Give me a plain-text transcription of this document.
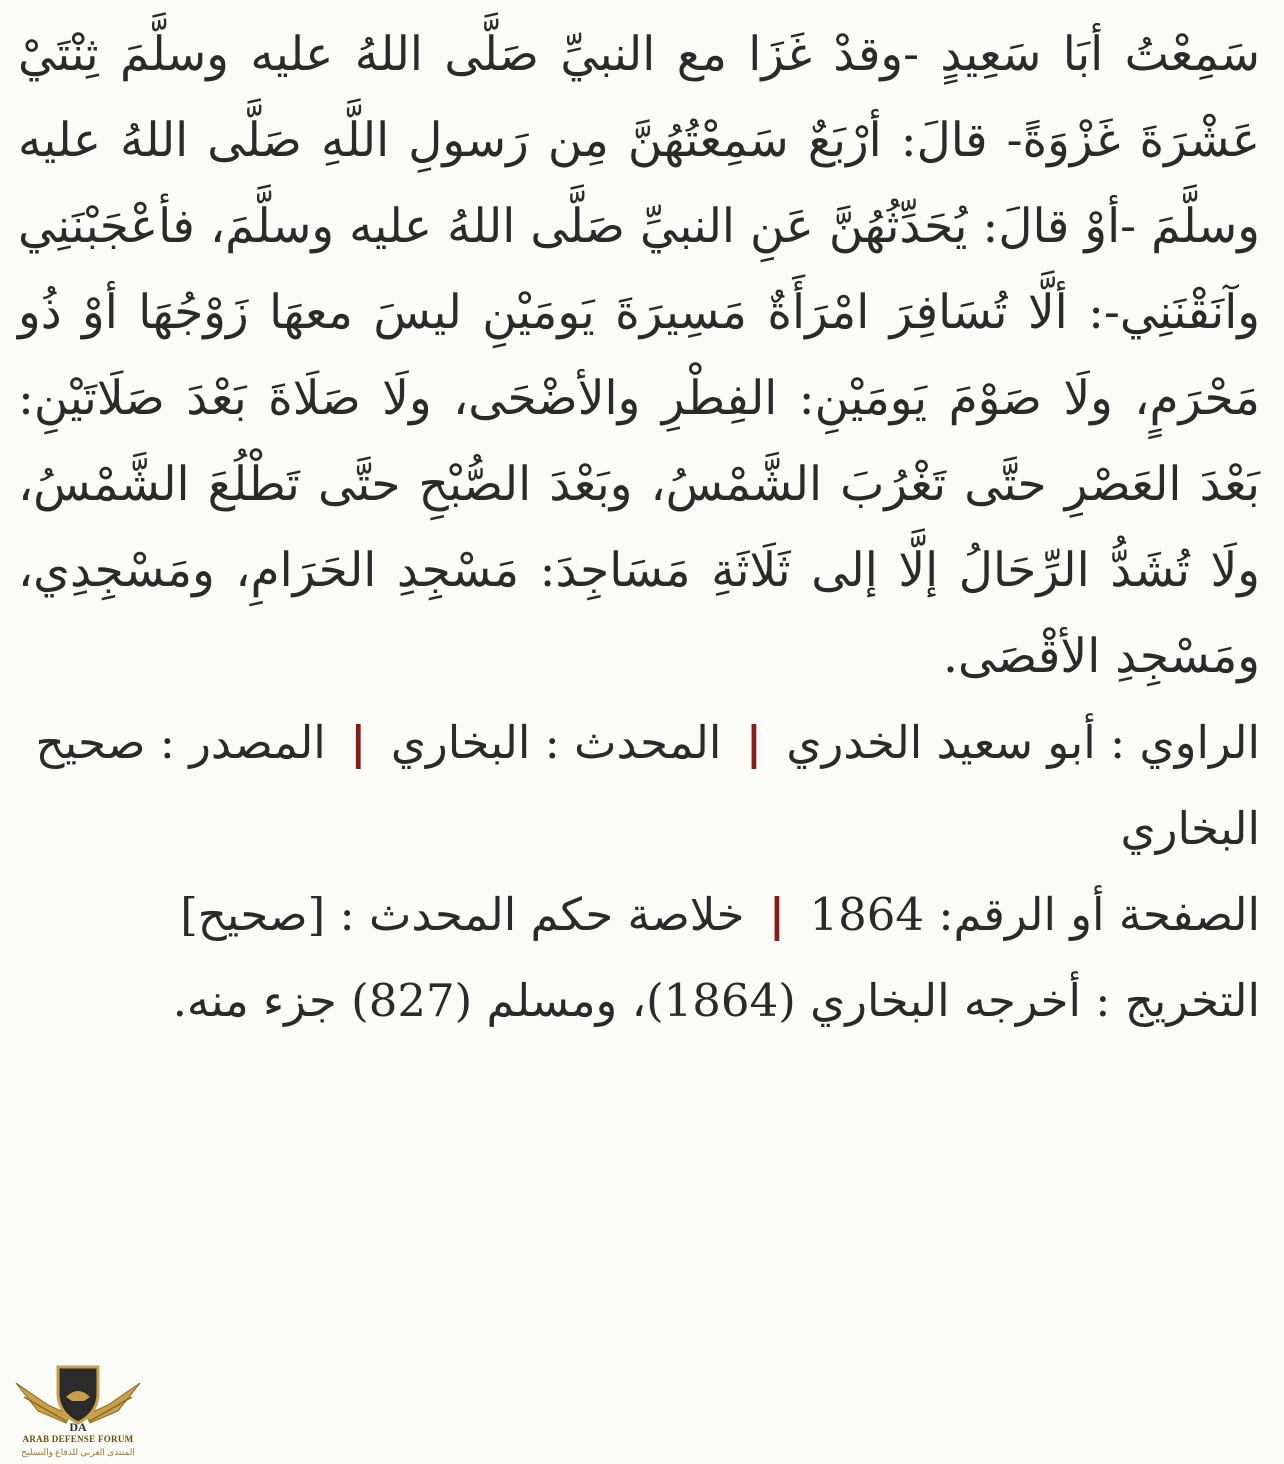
سَمِعْتُ أبَا سَعِيدٍ -وقدْ غَزَا مع النبيِّ صَلَّى اللهُ عليه وسلَّمَ ثِنْتَيْ عَشْرَةَ غَزْوَةً- قالَ: أرْبَعٌ سَمِعْتُهُنَّ مِن رَسولِ اللَّهِ صَلَّى اللهُ عليه وسلَّمَ -أوْ قالَ: يُحَدِّثُهُنَّ عَنِ النبيِّ صَلَّى اللهُ عليه وسلَّمَ، فأعْجَبْنَنِي وآنَقْنَنِي-: ألَّا تُسَافِرَ امْرَأَةٌ مَسِيرَةَ يَومَيْنِ ليسَ معهَا زَوْجُهَا أوْ ذُو مَحْرَمٍ، ولَا صَوْمَ يَومَيْنِ: الفِطْرِ والأضْحَى، ولَا صَلَاةَ بَعْدَ صَلَاتَيْنِ: بَعْدَ العَصْرِ حتَّى تَغْرُبَ الشَّمْسُ، وبَعْدَ الصُّبْحِ حتَّى تَطْلُعَ الشَّمْسُ، ولَا تُشَدُّ الرِّحَالُ إلَّا إلى ثَلَاثَةِ مَسَاجِدَ: مَسْجِدِ الحَرَامِ، ومَسْجِدِي، ومَسْجِدِ الأقْصَى.

الراوي : أبو سعيد الخدري | المحدث : البخاري | المصدر : صحيح البخاري

الصفحة أو الرقم: 1864 | خلاصة حكم المحدث : [صحيح]

التخريج : أخرجه البخاري (1864)، ومسلم (827) جزء منه.

DA
ARAB DEFENSE FORUM
المنتدى العربي للدفاع والتسليح
